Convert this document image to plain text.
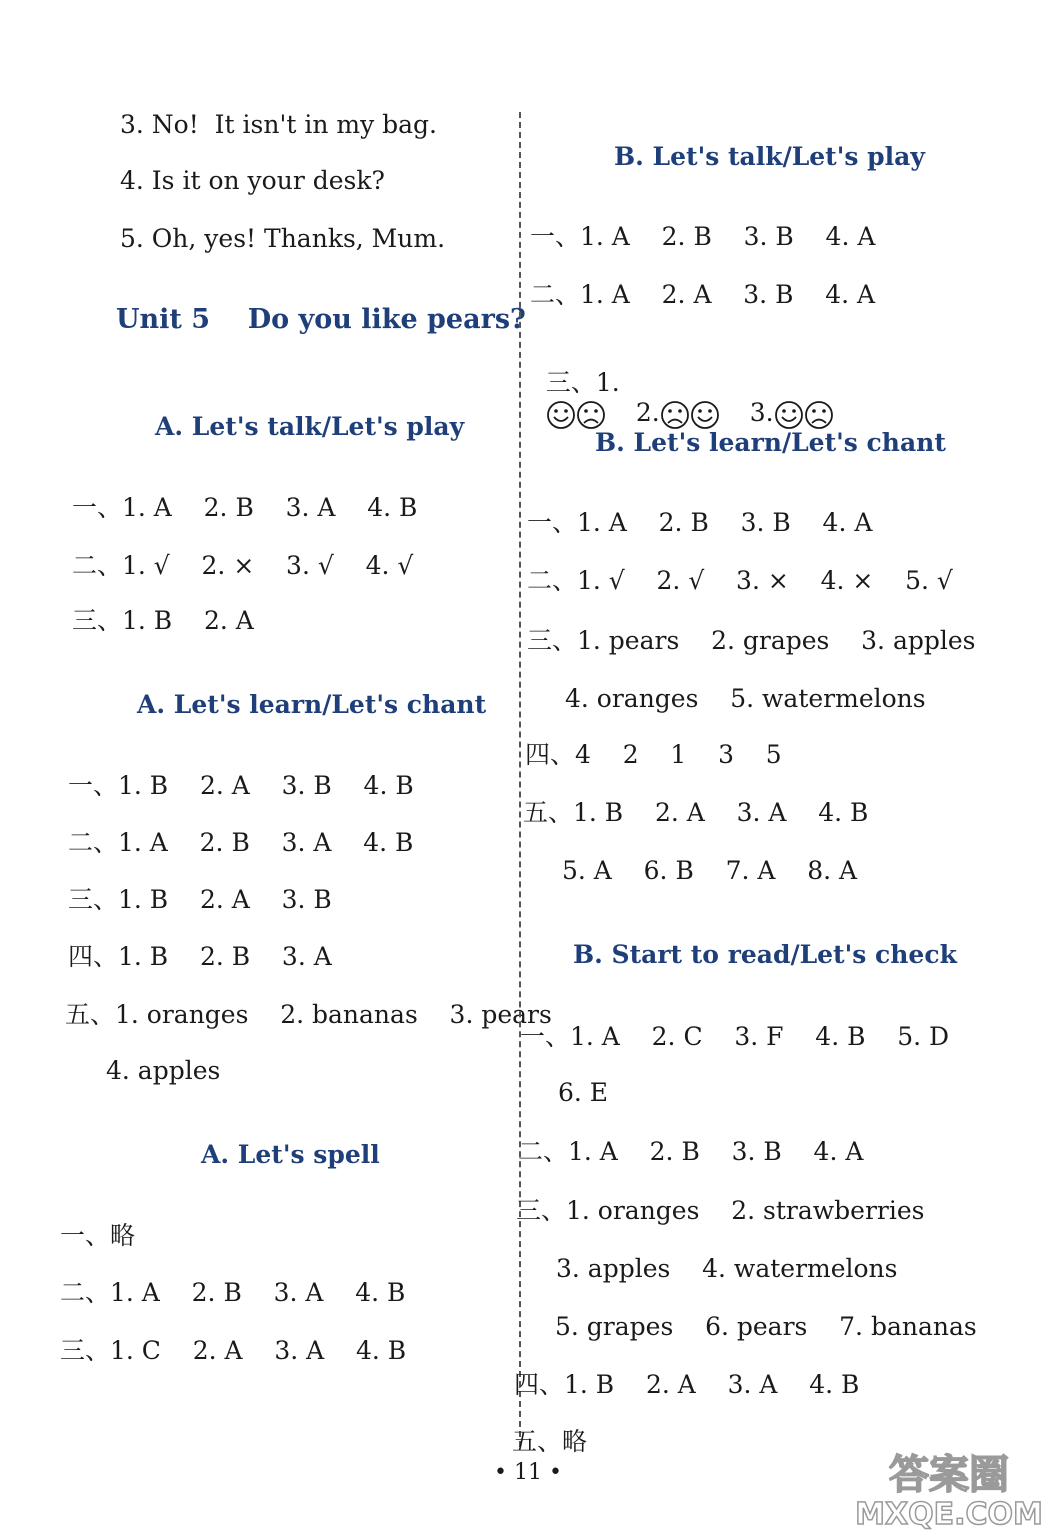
3. No!  It isn't in my bag.
4. Is it on your desk?
5. Oh, yes! Thanks, Mum.
Unit 5    Do you like pears?
A. Let's talk/Let's play
一、1. A    2. B    3. A    4. B
二、1. √    2. ×    3. √    4. √
三、1. B    2. A
A. Let's learn/Let's chant
一、1. B    2. A    3. B    4. B
二、1. A    2. B    3. A    4. B
三、1. B    2. A    3. B
四、1. B    2. B    3. A
五、1. oranges    2. bananas    3. pears
4. apples
A. Let's spell
一、略
二、1. A    2. B    3. A    4. B
三、1. C    2. A    3. A    4. B
B. Let's talk/Let's play
一、1. A    2. B    3. B    4. A
二、1. A    2. A    3. B    4. A
B. Let's learn/Let's chant
一、1. A    2. B    3. B    4. A
二、1. √    2. √    3. ×    4. ×    5. √
三、1. pears    2. grapes    3. apples
4. oranges    5. watermelons
四、4    2    1    3    5
五、1. B    2. A    3. A    4. B
5. A    6. B    7. A    8. A
B. Start to read/Let's check
一、1. A    2. C    3. F    4. B    5. D
6. E
二、1. A    2. B    3. B    4. A
三、1. oranges    2. strawberries
3. apples    4. watermelons
5. grapes    6. pears    7. bananas
四、1. B    2. A    3. A    4. B
五、略

三、1.
2.	3.

• 11 •	答案圈
MXQE.COM
